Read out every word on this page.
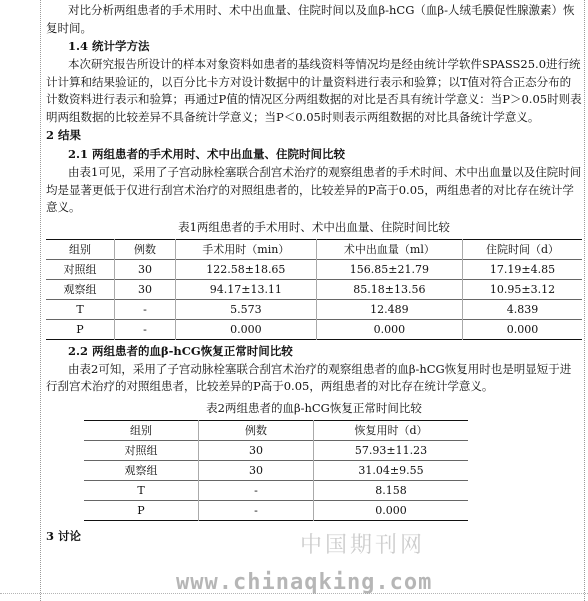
对比分析两组患者的手术用时、术中出血量、住院时间以及血β-hCG（血β-人绒毛膜促性腺激素）恢复时间。

1.4 统计学方法

本次研究报告所设计的样本对象资料如患者的基线资料等情况均是经由统计学软件SPASS25.0进行统计计算和结果验证的，以百分比卡方对设计数据中的计量资料进行表示和验算；以T值对符合正态分布的计数资料进行表示和验算；再通过P值的情况区分两组数据的对比是否具有统计学意义：当P＞0.05时则表明两组数据的比较差异不具备统计学意义；当P＜0.05时则表示两组数据的对比具备统计学意义。

2 结果
2.1 两组患者的手术用时、术中出血量、住院时间比较

由表1可见，采用了子宫动脉栓塞联合刮宫术治疗的观察组患者的手术时间、术中出血量以及住院时间均是显著更低于仅进行刮宫术治疗的对照组患者的，比较差异的P高于0.05，两组患者的对比存在统计学意义。

表1两组患者的手术用时、术中出血量、住院时间比较
组别	例数	手术用时（min）	术中出血量（ml）	住院时间（d）
对照组	30	122.58±18.65	156.85±21.79	17.19±4.85
观察组	30	94.17±13.11	85.18±13.56	10.95±3.12
T	-	5.573	12.489	4.839
P	-	0.000	0.000	0.000
2.2 两组患者的血β-hCG恢复正常时间比较

由表2可知，采用了子宫动脉栓塞联合刮宫术治疗的观察组患者的血β-hCG恢复用时也是明显短于进行刮宫术治疗的对照组患者，比较差异的P高于0.05，两组患者的对比存在统计学意义。

表2两组患者的血β-hCG恢复正常时间比较
组别	例数	恢复用时（d）
对照组	30	57.93±11.23
观察组	30	31.04±9.55
T	-	8.158
P	-	0.000
3 讨论	中国期刊网
www.chinaqking.com
